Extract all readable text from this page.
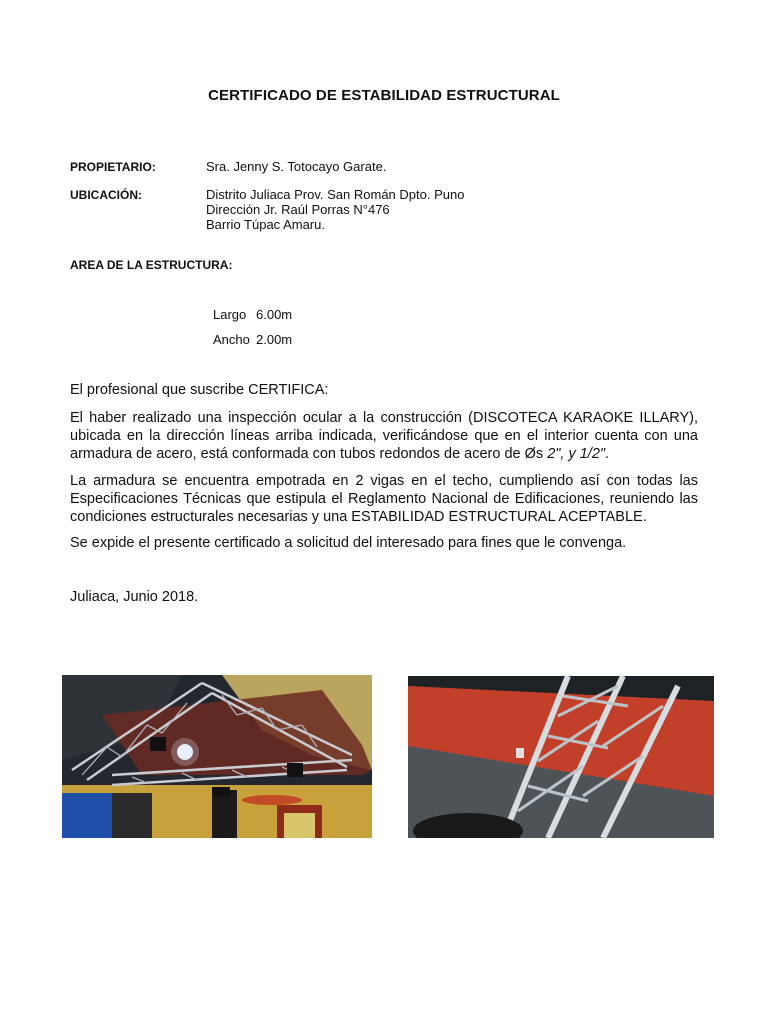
CERTIFICADO DE ESTABILIDAD ESTRUCTURAL
PROPIETARIO:	Sra. Jenny S. Totocayo Garate.
UBICACIÓN:	Distrito Juliaca Prov. San Román Dpto. Puno
Dirección Jr. Raúl Porras N°476
Barrio Túpac Amaru.
AREA DE LA ESTRUCTURA:
Largo 6.00m
Ancho 2.00m
El profesional que suscribe CERTIFICA:
El haber realizado una inspección ocular a la construcción (DISCOTECA KARAOKE ILLARY), ubicada en la dirección líneas arriba indicada, verificándose que en el interior cuenta con una armadura de acero, está conformada con tubos redondos de acero de Øs 2", y 1/2".
La armadura se encuentra empotrada en 2 vigas en el techo, cumpliendo así con todas las Especificaciones Técnicas que estipula el Reglamento Nacional de Edificaciones, reuniendo las condiciones estructurales necesarias y una ESTABILIDAD ESTRUCTURAL ACEPTABLE.
Se expide el presente certificado a solicitud del interesado para fines que le convenga.
Juliaca, Junio 2018.
